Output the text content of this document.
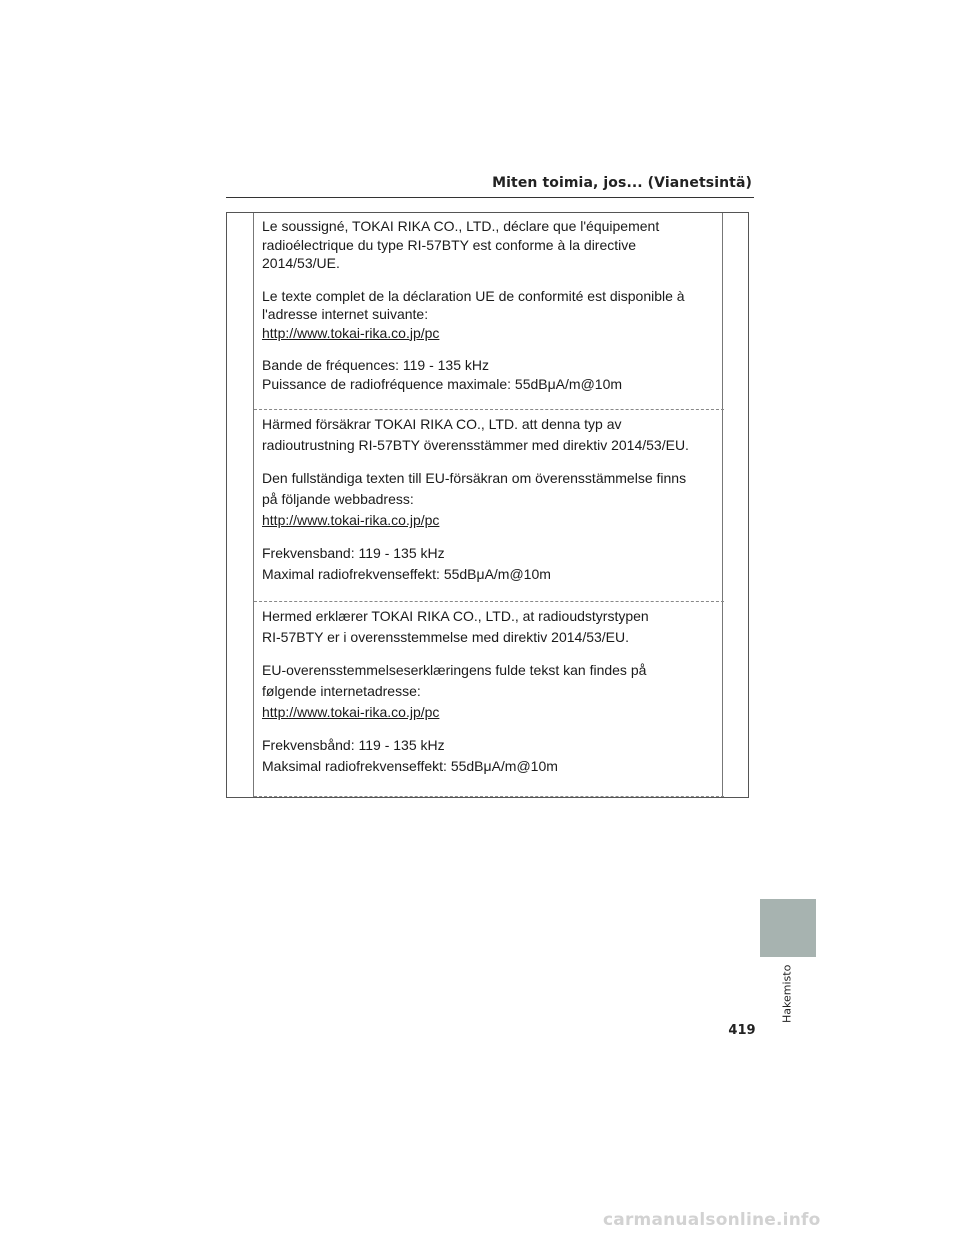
Miten toimia, jos... (Vianetsintä)

Le soussigné, TOKAI RIKA CO., LTD., déclare que l'équipement
radioélectrique du type RI-57BTY est conforme à la directive
2014/53/UE.

Le texte complet de la déclaration UE de conformité est disponible à
l'adresse internet suivante:
http://www.tokai-rika.co.jp/pc

Bande de fréquences: 119 - 135 kHz
Puissance de radiofréquence maximale: 55dBμA/m@10m

Härmed försäkrar TOKAI RIKA CO., LTD. att denna typ av
radioutrustning RI-57BTY överensstämmer med direktiv 2014/53/EU.

Den fullständiga texten till EU-försäkran om överensstämmelse finns
på följande webbadress:
http://www.tokai-rika.co.jp/pc

Frekvensband: 119 - 135 kHz
Maximal radiofrekvenseffekt: 55dBμA/m@10m

Hermed erklærer TOKAI RIKA CO., LTD., at radioudstyrstypen
RI-57BTY er i overensstemmelse med direktiv 2014/53/EU.

EU-overensstemmelseserklæringens fulde tekst kan findes på
følgende internetadresse:
http://www.tokai-rika.co.jp/pc

Frekvensbånd: 119 - 135 kHz
Maksimal radiofrekvenseffekt: 55dBμA/m@10m

Hakemisto
419
carmanualsonline.info
